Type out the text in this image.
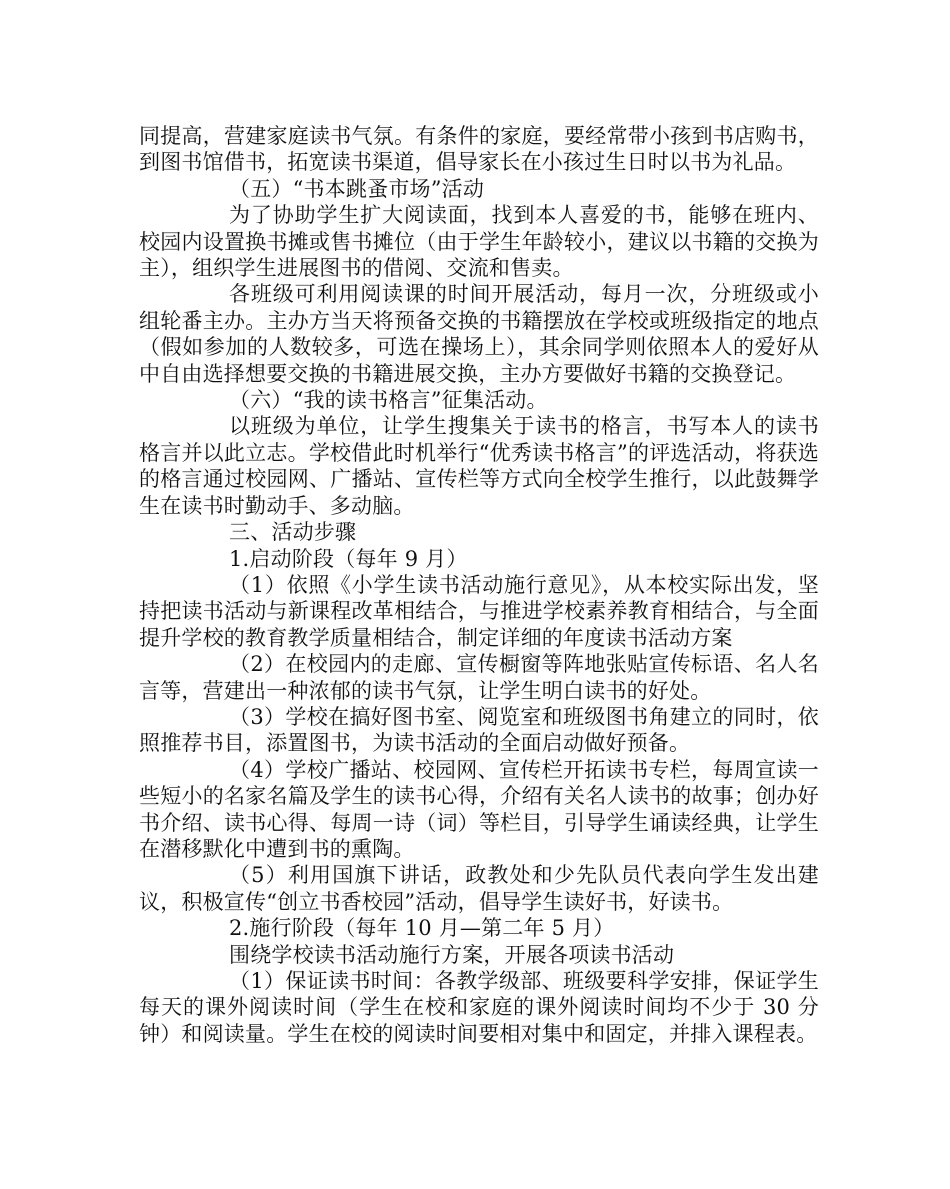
同提高，营建家庭读书气氛。有条件的家庭，要经常带小孩到书店购书，到图书馆借书，拓宽读书渠道，倡导家长在小孩过生日时以书为礼品。

（五）“书本跳蚤市场”活动

为了协助学生扩大阅读面，找到本人喜爱的书，能够在班内、校园内设置换书摊或售书摊位（由于学生年龄较小，建议以书籍的交换为主），组织学生进展图书的借阅、交流和售卖。

各班级可利用阅读课的时间开展活动，每月一次，分班级或小组轮番主办。主办方当天将预备交换的书籍摆放在学校或班级指定的地点（假如参加的人数较多，可选在操场上），其余同学则依照本人的爱好从中自由选择想要交换的书籍进展交换，主办方要做好书籍的交换登记。

（六）“我的读书格言”征集活动。

以班级为单位，让学生搜集关于读书的格言，书写本人的读书格言并以此立志。学校借此时机举行“优秀读书格言”的评选活动，将获选的格言通过校园网、广播站、宣传栏等方式向全校学生推行，以此鼓舞学生在读书时勤动手、多动脑。

三、活动步骤

1.启动阶段（每年 9 月）

（1）依照《小学生读书活动施行意见》，从本校实际出发，坚持把读书活动与新课程改革相结合，与推进学校素养教育相结合，与全面提升学校的教育教学质量相结合，制定详细的年度读书活动方案

（2）在校园内的走廊、宣传橱窗等阵地张贴宣传标语、名人名言等，营建出一种浓郁的读书气氛，让学生明白读书的好处。

（3）学校在搞好图书室、阅览室和班级图书角建立的同时，依照推荐书目，添置图书，为读书活动的全面启动做好预备。

（4）学校广播站、校园网、宣传栏开拓读书专栏，每周宣读一些短小的名家名篇及学生的读书心得，介绍有关名人读书的故事；创办好书介绍、读书心得、每周一诗（词）等栏目，引导学生诵读经典，让学生在潜移默化中遭到书的熏陶。

（5）利用国旗下讲话，政教处和少先队员代表向学生发出建议，积极宣传“创立书香校园”活动，倡导学生读好书，好读书。

2.施行阶段（每年 10 月—第二年 5 月）

围绕学校读书活动施行方案，开展各项读书活动

（1）保证读书时间：各教学级部、班级要科学安排，保证学生每天的课外阅读时间（学生在校和家庭的课外阅读时间均不少于 30 分钟）和阅读量。学生在校的阅读时间要相对集中和固定，并排入课程表。
